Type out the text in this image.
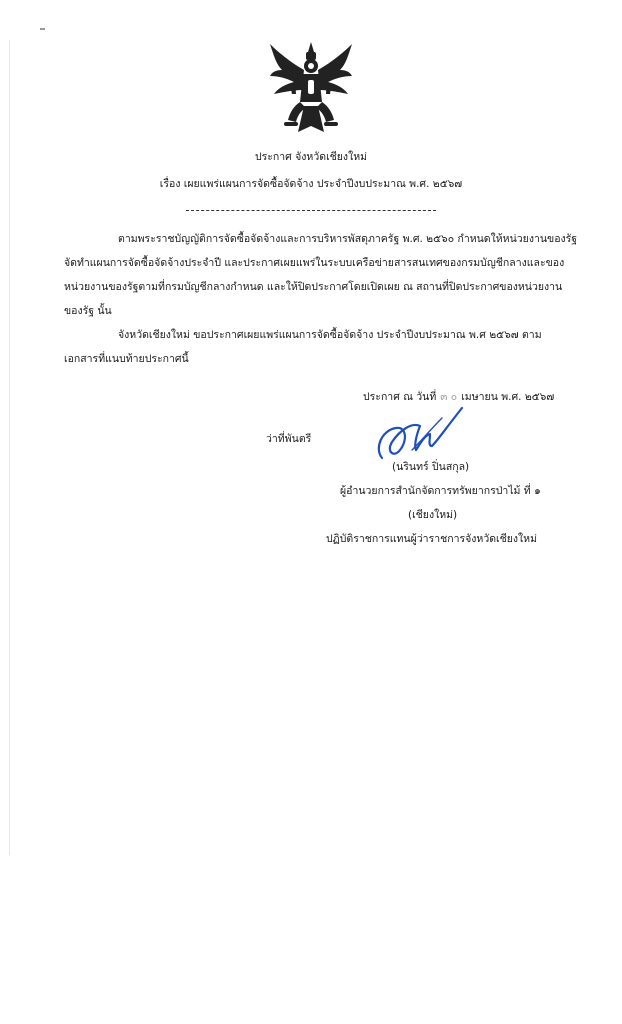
ประกาศ จังหวัดเชียงใหม่
เรื่อง เผยแพร่แผนการจัดซื้อจัดจ้าง ประจำปีงบประมาณ พ.ศ. ๒๕๖๗
ตามพระราชบัญญัติการจัดซื้อจัดจ้างและการบริหารพัสดุภาครัฐ พ.ศ. ๒๕๖๐ กำหนดให้หน่วยงานของรัฐ
จัดทำแผนการจัดซื้อจัดจ้างประจำปี และประกาศเผยแพร่ในระบบเครือข่ายสารสนเทศของกรมบัญชีกลางและของ
หน่วยงานของรัฐตามที่กรมบัญชีกลางกำหนด และให้ปิดประกาศโดยเปิดเผย ณ สถานที่ปิดประกาศของหน่วยงาน
ของรัฐ นั้น
จังหวัดเชียงใหม่ ขอประกาศเผยแพร่แผนการจัดซื้อจัดจ้าง ประจำปีงบประมาณ พ.ศ ๒๕๖๗ ตาม
เอกสารที่แนบท้ายประกาศนี้
ประกาศ ณ วันที่ ๓ ๐ เมษายน พ.ศ. ๒๕๖๗
ว่าที่พันตรี
(นรินทร์ ปิ่นสกุล)
ผู้อำนวยการสำนักจัดการทรัพยากรป่าไม้ ที่ ๑
(เชียงใหม่)
ปฏิบัติราชการแทนผู้ว่าราชการจังหวัดเชียงใหม่
